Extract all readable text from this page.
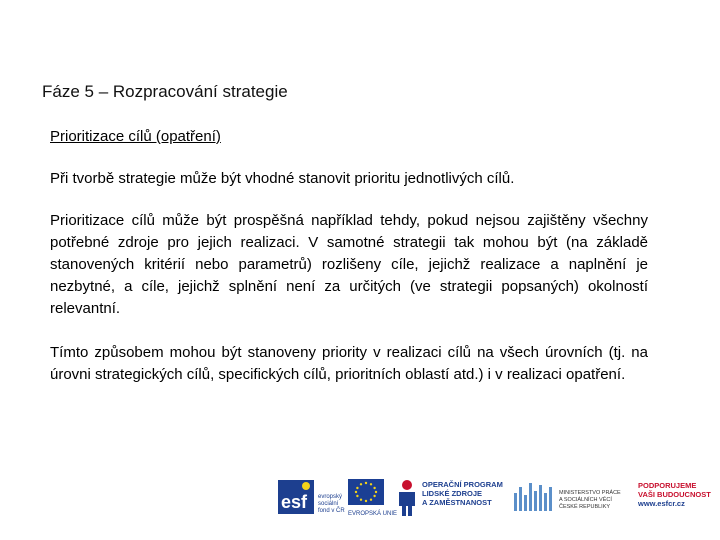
Fáze 5 – Rozpracování strategie

Prioritizace cílů (opatření)

Při tvorbě strategie může být vhodné stanovit prioritu jednotlivých cílů.

Prioritizace cílů může být prospěšná například tehdy, pokud nejsou zajištěny všechny potřebné zdroje pro jejich realizaci. V samotné strategii tak mohou být (na základě stanovených kritérií nebo parametrů) rozlišeny cíle, jejichž realizace a naplnění je nezbytné, a cíle, jejichž splnění není za určitých (ve strategii popsaných) okolností relevantní.

Tímto způsobem mohou být stanoveny priority v realizaci cílů na všech úrovních (tj. na úrovni strategických cílů, specifických cílů, prioritních oblastí atd.) i v realizaci opatření.

esf evropský
sociální
fond v ČR EVROPSKÁ UNIE
OPERAČNÍ PROGRAM
LIDSKÉ ZDROJE
A ZAMĚSTNANOST
MINISTERSTVO PRÁCE
A SOCIÁLNÍCH VĚCÍ
ČESKÉ REPUBLIKY
PODPORUJEME
VAŠI BUDOUCNOST
www.esfcr.cz
